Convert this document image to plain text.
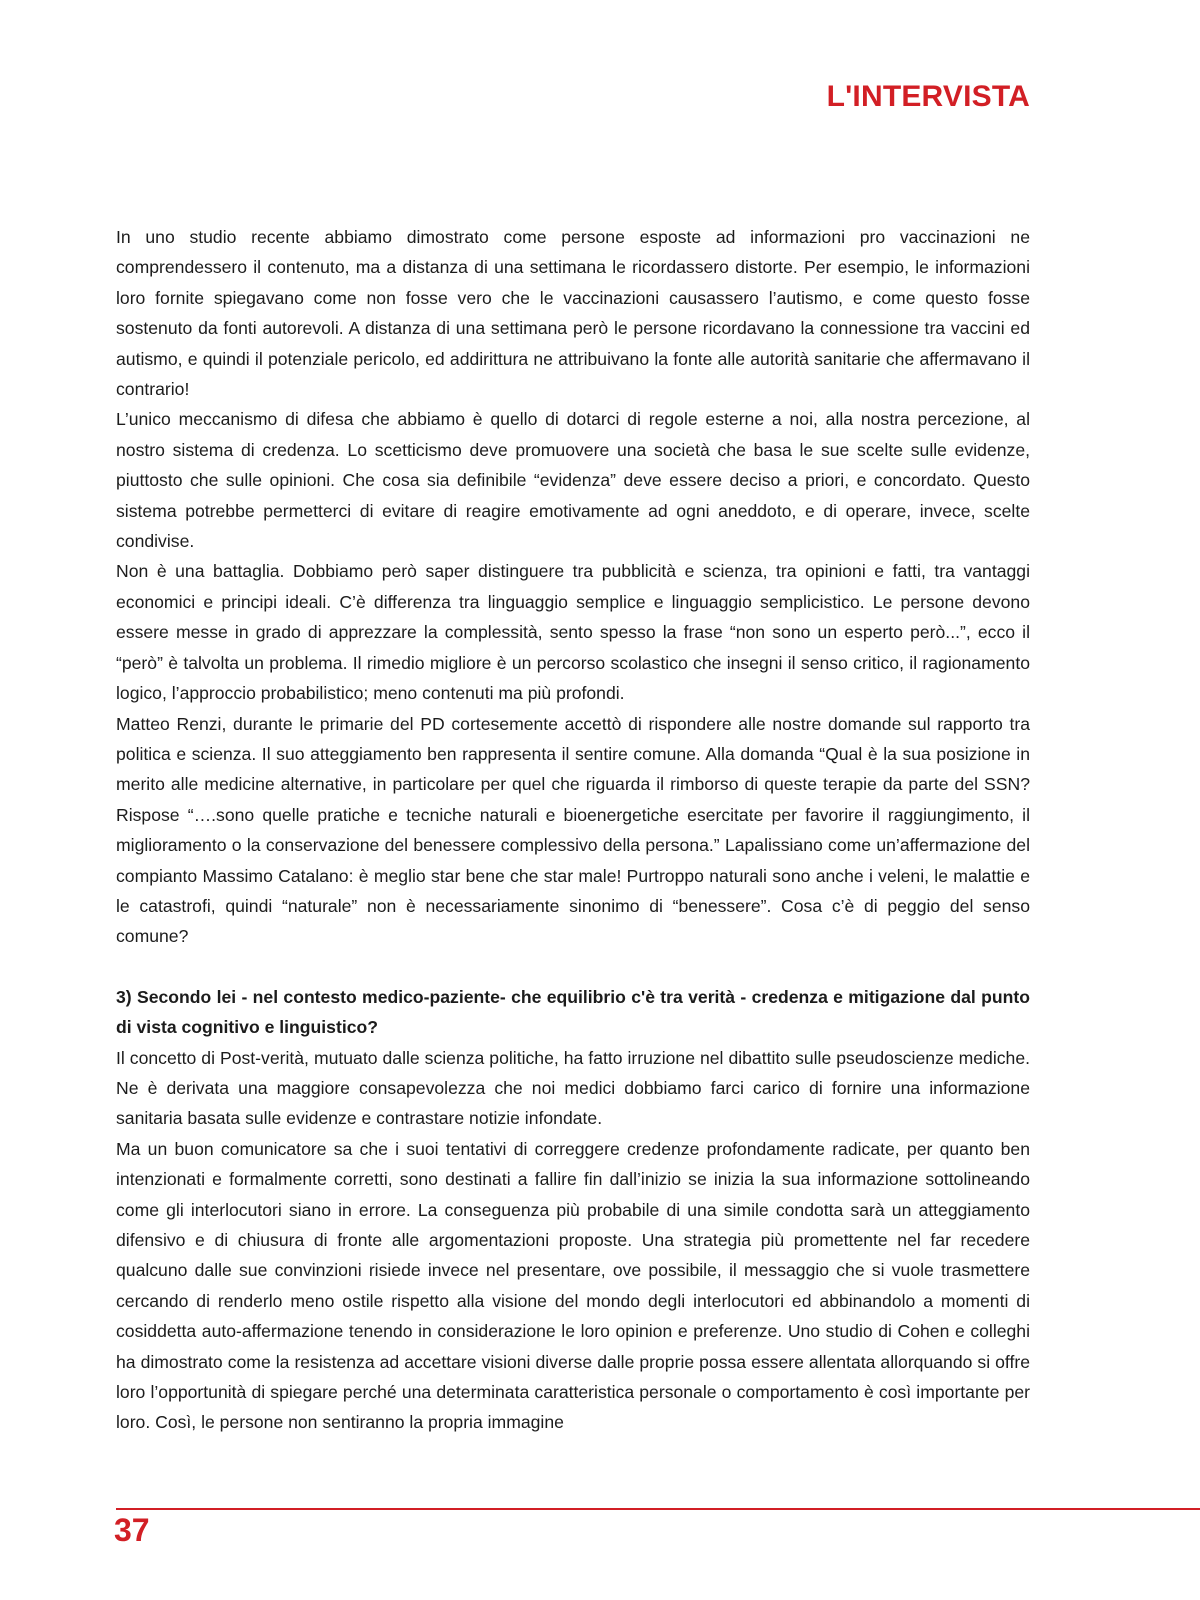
L'INTERVISTA

In uno studio recente abbiamo dimostrato come persone esposte ad informazioni pro vaccinazioni ne comprendessero il contenuto, ma a distanza di una settimana le ricordassero distorte. Per esempio, le informazioni loro fornite spiegavano come non fosse vero che le vaccinazioni causassero l’autismo, e come questo fosse sostenuto da fonti autorevoli. A distanza di una settimana però le persone ricordavano la connessione tra vaccini ed autismo, e quindi il potenziale pericolo, ed addirittura ne attribuivano la fonte alle autorità sanitarie che affermavano il contrario!

L’unico meccanismo di difesa che abbiamo è quello di dotarci di regole esterne a noi, alla nostra percezione, al nostro sistema di credenza. Lo scetticismo deve promuovere una società che basa le sue scelte sulle evidenze, piuttosto che sulle opinioni. Che cosa sia definibile “evidenza” deve essere deciso a priori, e concordato. Questo sistema potrebbe permetterci di evitare di reagire emotivamente ad ogni aneddoto, e di operare, invece, scelte condivise.

Non è una battaglia. Dobbiamo però saper distinguere tra pubblicità e scienza, tra opinioni e fatti, tra vantaggi economici e principi ideali. C’è differenza tra linguaggio semplice e linguaggio semplicistico. Le persone devono essere messe in grado di apprezzare la complessità, sento spesso la frase “non sono un esperto però...”, ecco il “però” è talvolta un problema. Il rimedio migliore è un percorso scolastico che insegni il senso critico, il ragionamento logico, l’approccio probabilistico; meno contenuti ma più profondi.

Matteo Renzi, durante le primarie del PD cortesemente accettò di rispondere alle nostre domande sul rapporto tra politica e scienza. Il suo atteggiamento ben rappresenta il sentire comune. Alla domanda “Qual è la sua posizione in merito alle medicine alternative, in particolare per quel che riguarda il rimborso di queste terapie da parte del SSN? Rispose “….sono quelle pratiche e tecniche naturali e bioenergetiche esercitate per favorire il raggiungimento, il miglioramento o la conservazione del benessere complessivo della persona.” Lapalissiano come un’affermazione del compianto Massimo Catalano: è meglio star bene che star male! Purtroppo naturali sono anche i veleni, le malattie e le catastrofi, quindi “naturale” non è necessariamente sinonimo di “benessere”. Cosa c’è di peggio del senso comune?

3) Secondo lei - nel contesto medico-paziente- che equilibrio c'è tra verità - credenza e mitigazione dal punto di vista cognitivo e linguistico?

Il concetto di Post-verità, mutuato dalle scienza politiche, ha fatto irruzione nel dibattito sulle pseudoscienze mediche. Ne è derivata una maggiore consapevolezza che noi medici dobbiamo farci carico di fornire una informazione sanitaria basata sulle evidenze e contrastare notizie infondate.

Ma un buon comunicatore sa che i suoi tentativi di correggere credenze profondamente radicate, per quanto ben intenzionati e formalmente corretti, sono destinati a fallire fin dall’inizio se inizia la sua informazione sottolineando come gli interlocutori siano in errore. La conseguenza più probabile di una simile condotta sarà un atteggiamento difensivo e di chiusura di fronte alle argomentazioni proposte. Una strategia più promettente nel far recedere qualcuno dalle sue convinzioni risiede invece nel presentare, ove possibile, il messaggio che si vuole trasmettere cercando di renderlo meno ostile rispetto alla visione del mondo degli interlocutori ed abbinandolo a momenti di cosiddetta auto-affermazione tenendo in considerazione le loro opinion e preferenze. Uno studio di Cohen e colleghi ha dimostrato come la resistenza ad accettare visioni diverse dalle proprie possa essere allentata allorquando si offre loro l’opportunità di spiegare perché una determinata caratteristica personale o comportamento è così importante per loro. Così, le persone non sentiranno la propria immagine

37
